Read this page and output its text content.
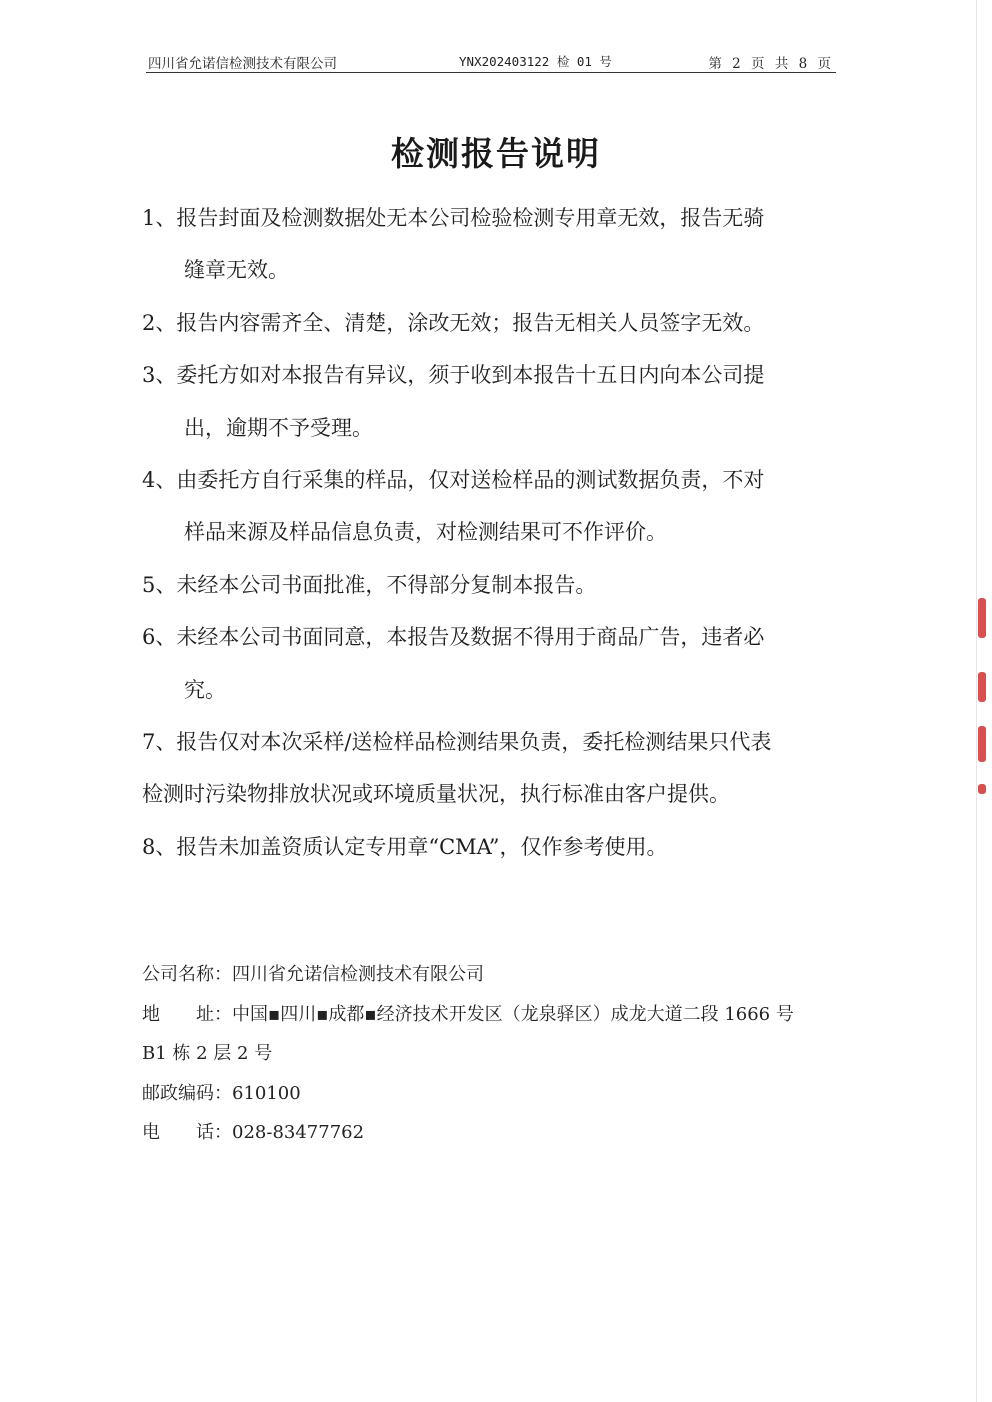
四川省允诺信检测技术有限公司	YNX202403122 检 01 号	第 2 页 共 8 页
检测报告说明
1、报告封面及检测数据处无本公司检验检测专用章无效，报告无骑
缝章无效。
2、报告内容需齐全、清楚，涂改无效；报告无相关人员签字无效。
3、委托方如对本报告有异议，须于收到本报告十五日内向本公司提
出，逾期不予受理。
4、由委托方自行采集的样品，仅对送检样品的测试数据负责，不对
样品来源及样品信息负责，对检测结果可不作评价。
5、未经本公司书面批准，不得部分复制本报告。
6、未经本公司书面同意，本报告及数据不得用于商品广告，违者必
究。
7、报告仅对本次采样/送检样品检测结果负责，委托检测结果只代表
检测时污染物排放状况或环境质量状况，执行标准由客户提供。
8、报告未加盖资质认定专用章“CMA”，仅作参考使用。
公司名称：四川省允诺信检测技术有限公司
地　　址：中国▪四川▪成都▪经济技术开发区（龙泉驿区）成龙大道二段 1666 号
B1 栋 2 层 2 号
邮政编码：610100
电　　话：028-83477762
